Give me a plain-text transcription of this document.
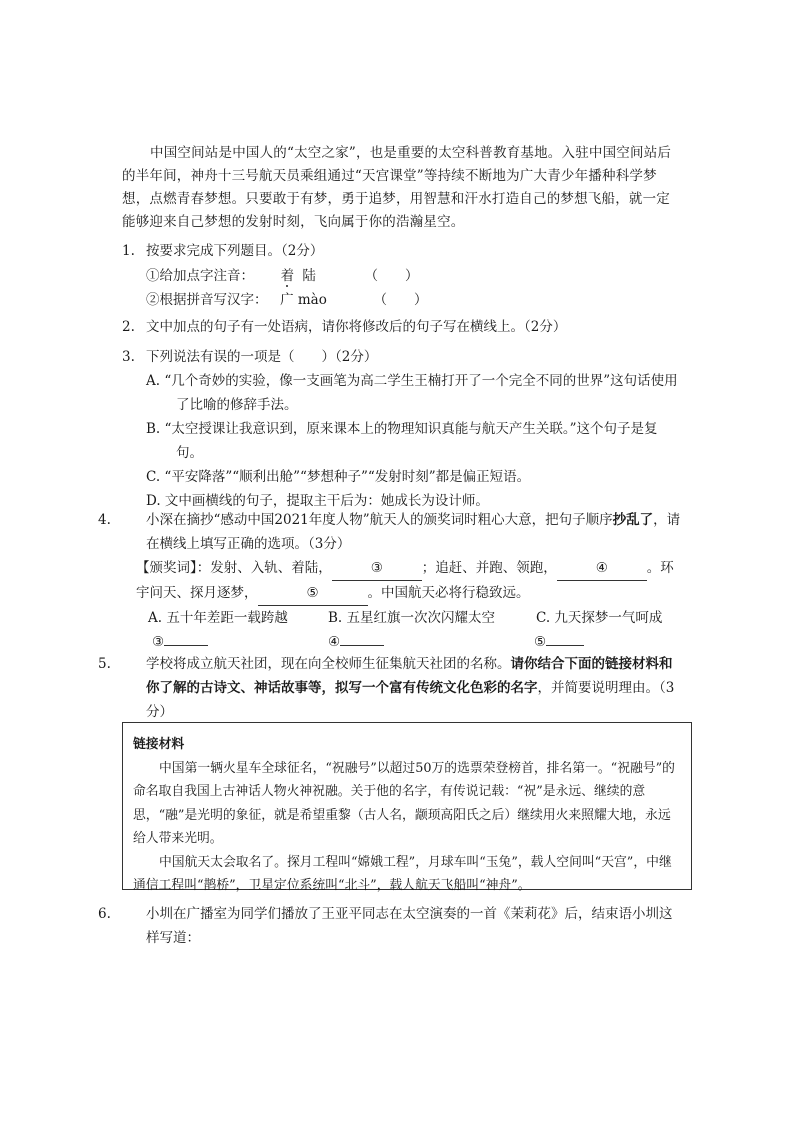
中国空间站是中国人的“太空之家”，也是重要的太空科普教育基地。入驻中国空间站后的半年间，神舟十三号航天员乘组通过“天宫课堂”等持续不断地为广大青少年播种科学梦想，点燃青春梦想。只要敢于有梦，勇于追梦，用智慧和汗水打造自己的梦想飞船，就一定能够迎来自己梦想的发射时刻，飞向属于你的浩瀚星空。
1. 按要求完成下列题目。（2分）
①给加点字注音： 着 陆	（　　）
②根据拼音写汉字： 广 mào	（　　）
2. 文中加点的句子有一处语病，请你将修改后的句子写在横线上。（2分）
3. 下列说法有误的一项是（　　）（2分）
A. “几个奇妙的实验，像一支画笔为高二学生王楠打开了一个完全不同的世界”这句话使用了比喻的修辞手法。
B. “太空授课让我意识到，原来课本上的物理知识真能与航天产生关联。”这个句子是复句。
C. “平安降落”“顺利出舱”“梦想种子”“发射时刻”都是偏正短语。
D. 文中画横线的句子，提取主干后为：她成长为设计师。
4.	小深在摘抄“感动中国2021年度人物”航天人的颁奖词时粗心大意，把句子顺序抄乱了，请在横线上填写正确的选项。（3分）
【颁奖词】：发射、入轨、着陆，	③	；追赶、并跑、领跑，	④	。环宇问天、探月逐梦，	⑤	。中国航天必将行稳致远。
A. 五十年差距一载跨越	B. 五星红旗一次次闪耀太空	C. 九天探梦一气呵成
③	④	⑤
5.	学校将成立航天社团，现在向全校师生征集航天社团的名称。请你结合下面的链接材料和你了解的古诗文、神话故事等，拟写一个富有传统文化色彩的名字，并简要说明理由。（3分）
链接材料

中国第一辆火星车全球征名，“祝融号”以超过50万的选票荣登榜首，排名第一。“祝融号”的命名取自我国上古神话人物火神祝融。关于他的名字，有传说记载：“祝”是永远、继续的意思，“融”是光明的象征，就是希望重黎（古人名，颛顼高阳氏之后）继续用火来照耀大地，永远给人带来光明。

中国航天太会取名了。探月工程叫“嫦娥工程”，月球车叫“玉兔”，载人空间叫“天宫”，中继通信工程叫“鹊桥”，卫星定位系统叫“北斗”，载人航天飞船叫“神舟”。

6.	小圳在广播室为同学们播放了王亚平同志在太空演奏的一首《茉莉花》后，结束语小圳这样写道：
